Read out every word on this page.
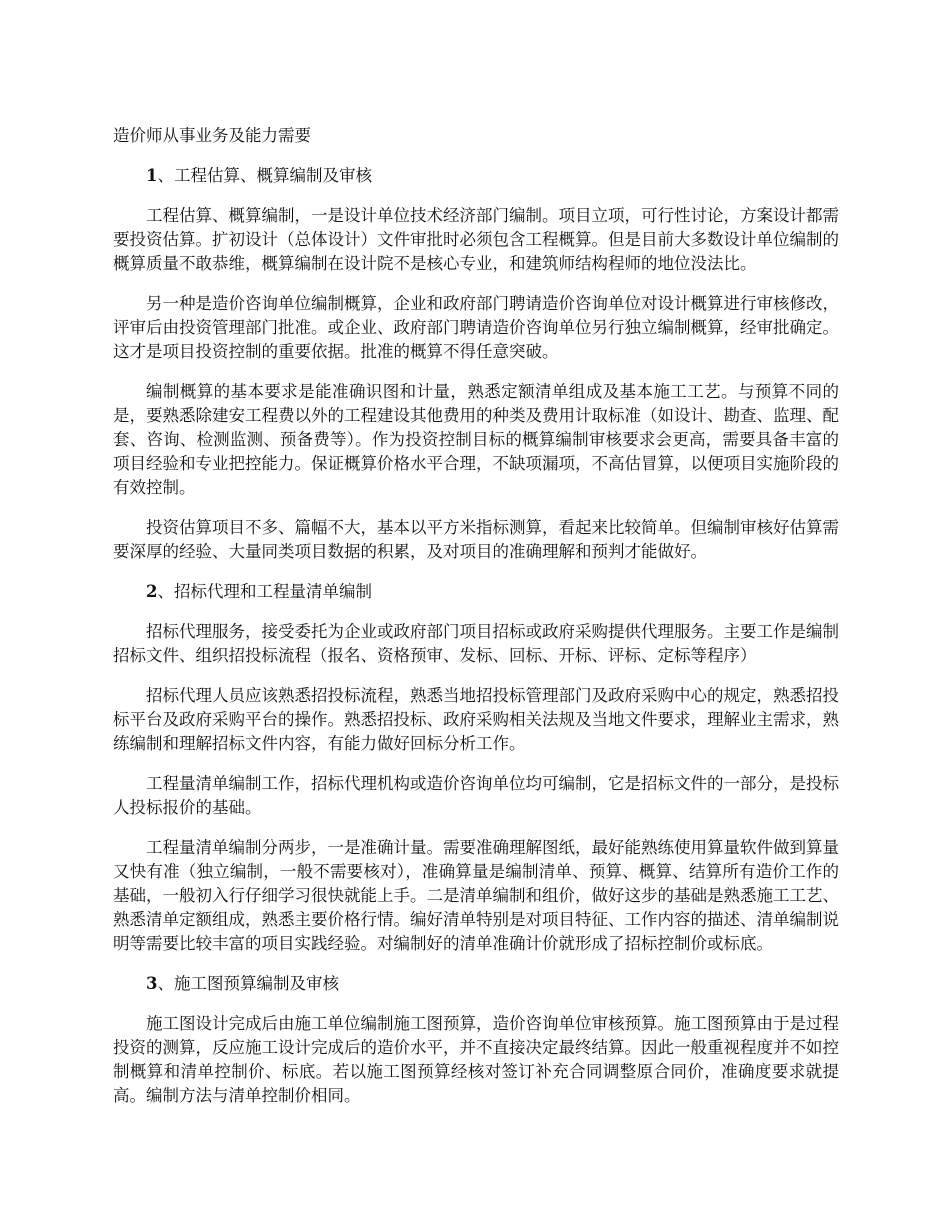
造价师从事业务及能力需要

1、工程估算、概算编制及审核

工程估算、概算编制，一是设计单位技术经济部门编制。项目立项，可行性讨论，方案设计都需要投资估算。扩初设计（总体设计）文件审批时必须包含工程概算。但是目前大多数设计单位编制的概算质量不敢恭维，概算编制在设计院不是核心专业，和建筑师结构程师的地位没法比。

另一种是造价咨询单位编制概算，企业和政府部门聘请造价咨询单位对设计概算进行审核修改，评审后由投资管理部门批准。或企业、政府部门聘请造价咨询单位另行独立编制概算，经审批确定。这才是项目投资控制的重要依据。批准的概算不得任意突破。

编制概算的基本要求是能准确识图和计量，熟悉定额清单组成及基本施工工艺。与预算不同的是，要熟悉除建安工程费以外的工程建设其他费用的种类及费用计取标准（如设计、勘查、监理、配套、咨询、检测监测、预备费等）。作为投资控制目标的概算编制审核要求会更高，需要具备丰富的项目经验和专业把控能力。保证概算价格水平合理，不缺项漏项，不高估冒算，以便项目实施阶段的有效控制。

投资估算项目不多、篇幅不大，基本以平方米指标测算，看起来比较简单。但编制审核好估算需要深厚的经验、大量同类项目数据的积累，及对项目的准确理解和预判才能做好。

2、招标代理和工程量清单编制

招标代理服务，接受委托为企业或政府部门项目招标或政府采购提供代理服务。主要工作是编制招标文件、组织招投标流程（报名、资格预审、发标、回标、开标、评标、定标等程序）

招标代理人员应该熟悉招投标流程，熟悉当地招投标管理部门及政府采购中心的规定，熟悉招投标平台及政府采购平台的操作。熟悉招投标、政府采购相关法规及当地文件要求，理解业主需求，熟练编制和理解招标文件内容，有能力做好回标分析工作。

工程量清单编制工作，招标代理机构或造价咨询单位均可编制，它是招标文件的一部分，是投标人投标报价的基础。

工程量清单编制分两步，一是准确计量。需要准确理解图纸，最好能熟练使用算量软件做到算量又快有准（独立编制，一般不需要核对），准确算量是编制清单、预算、概算、结算所有造价工作的基础，一般初入行仔细学习很快就能上手。二是清单编制和组价，做好这步的基础是熟悉施工工艺、熟悉清单定额组成，熟悉主要价格行情。编好清单特别是对项目特征、工作内容的描述、清单编制说明等需要比较丰富的项目实践经验。对编制好的清单准确计价就形成了招标控制价或标底。

3、施工图预算编制及审核

施工图设计完成后由施工单位编制施工图预算，造价咨询单位审核预算。施工图预算由于是过程投资的测算，反应施工设计完成后的造价水平，并不直接决定最终结算。因此一般重视程度并不如控制概算和清单控制价、标底。若以施工图预算经核对签订补充合同调整原合同价，准确度要求就提高。编制方法与清单控制价相同。
